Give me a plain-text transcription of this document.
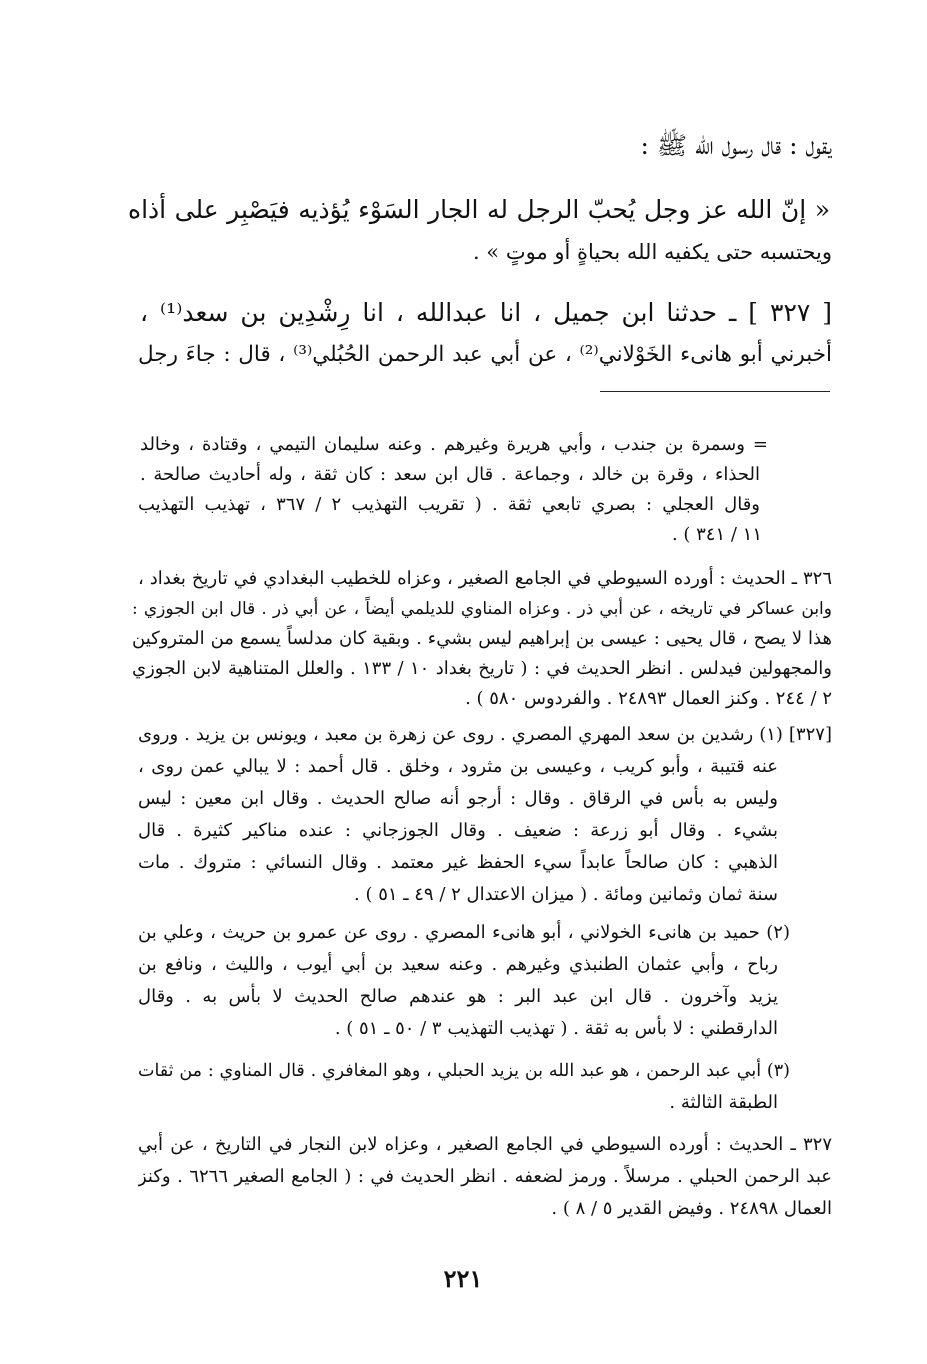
يقول : قال رسول الله ﷺ :
« إنّ الله عز وجل يُحبّ الرجل له الجار السَوْء يُؤذيه فيَصْبِر على أذاه
ويحتسبه حتى يكفيه الله بحياةٍ أو موتٍ » .
[ ٣٢٧ ] ـ حدثنا ابن جميل ، انا عبدالله ، انا رِشْدِين بن سعد⁽¹⁾ ،
أخبرني أبو هانىء الخَوْلاني⁽²⁾ ، عن أبي عبد الرحمن الحُبُلي⁽³⁾ ، قال : جاءَ رجل
= وسمرة بن جندب ، وأبي هريرة وغيرهم . وعنه سليمان التيمي ، وقتادة ، وخالد
الحذاء ، وقرة بن خالد ، وجماعة . قال ابن سعد : كان ثقة ، وله أحاديث صالحة .
وقال العجلي : بصري تابعي ثقة . ( تقريب التهذيب ٢ / ٣٦٧ ، تهذيب التهذيب
١١ / ٣٤١ ) .
٣٢٦ ـ الحديث : أورده السيوطي في الجامع الصغير ، وعزاه للخطيب البغدادي في تاريخ بغداد ،
وابن عساكر في تاريخه ، عن أبي ذر . وعزاه المناوي للديلمي أيضاً ، عن أبي ذر . قال ابن الجوزي :
هذا لا يصح ، قال يحيى : عيسى بن إبراهيم ليس بشيء . وبقية كان مدلساً يسمع من المتروكين
والمجهولين فيدلس . انظر الحديث في : ( تاريخ بغداد ١٠ / ١٣٣ . والعلل المتناهية لابن الجوزي
٢ / ٢٤٤ . وكنز العمال ٢٤٨٩٣ . والفردوس ٥٨٠ ) .
[٣٢٧] (١) رشدين بن سعد المهري المصري . روى عن زهرة بن معبد ، ويونس بن يزيد . وروى
عنه قتيبة ، وأبو كريب ، وعيسى بن مثرود ، وخلق . قال أحمد : لا يبالي عمن روى ،
وليس به بأس في الرقاق . وقال : أرجو أنه صالح الحديث . وقال ابن معين : ليس
بشيء . وقال أبو زرعة : ضعيف . وقال الجوزجاني : عنده مناكير كثيرة . قال
الذهبي : كان صالحاً عابداً سيء الحفظ غير معتمد . وقال النسائي : متروك . مات
سنة ثمان وثمانين ومائة . ( ميزان الاعتدال ٢ / ٤٩ ـ ٥١ ) .
(٢) حميد بن هانىء الخولاني ، أبو هانىء المصري . روى عن عمرو بن حريث ، وعلي بن
رباح ، وأبي عثمان الطنبذي وغيرهم . وعنه سعيد بن أبي أيوب ، والليث ، ونافع بن
يزيد وآخرون . قال ابن عبد البر : هو عندهم صالح الحديث لا بأس به . وقال
الدارقطني : لا بأس به ثقة . ( تهذيب التهذيب ٣ / ٥٠ ـ ٥١ ) .
(٣) أبي عبد الرحمن ، هو عبد الله بن يزيد الحبلي ، وهو المغافري . قال المناوي : من ثقات
الطبقة الثالثة .
٣٢٧ ـ الحديث : أورده السيوطي في الجامع الصغير ، وعزاه لابن النجار في التاريخ ، عن أبي
عبد الرحمن الحبلي . مرسلاً . ورمز لضعفه . انظر الحديث في : ( الجامع الصغير ٦٢٦٦ . وكنز
العمال ٢٤٨٩٨ . وفيض القدير ٥ / ٨ ) .
٢٢١
